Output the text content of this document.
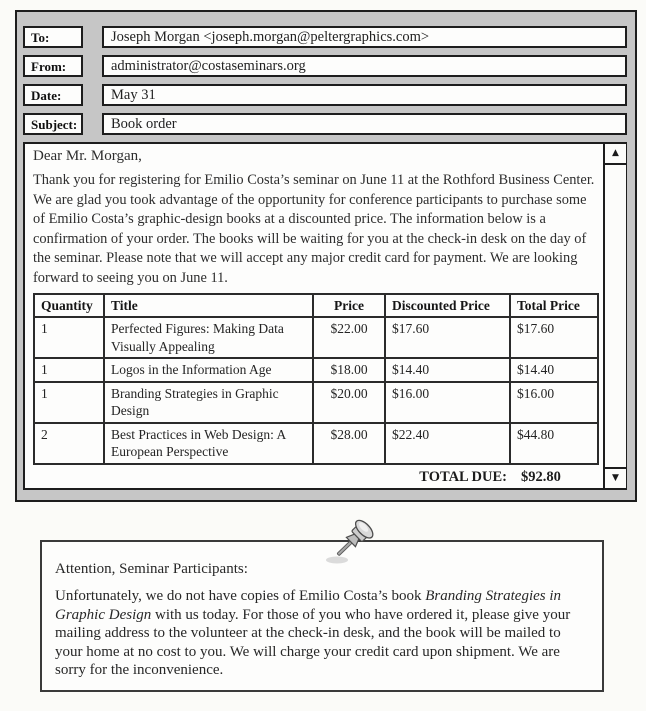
To:	Joseph Morgan <joseph.morgan@peltergraphics.com>
From:	administrator@costaseminars.org
Date:	May 31
Subject:	Book order

Dear Mr. Morgan,

Thank you for registering for Emilio Costa’s seminar on June 11 at the Rothford Business Center. We are glad you took advantage of the opportunity for conference participants to purchase some of Emilio Costa’s graphic-design books at a discounted price. The information below is a confirmation of your order. The books will be waiting for you at the check-in desk on the day of the seminar. Please note that we will accept any major credit card for payment. We are looking forward to seeing you on June 11.

Quantity	Title	Price	Discounted Price	Total Price
1	Perfected Figures: Making Data Visually Appealing	$22.00	$17.60	$17.60
1	Logos in the Information Age	$18.00	$14.40	$14.40
1	Branding Strategies in Graphic Design	$20.00	$16.00	$16.00
2	Best Practices in Web Design: A European Perspective	$28.00	$22.40	$44.80
TOTAL DUE: $92.80
▲
▼

Attention, Seminar Participants:

Unfortunately, we do not have copies of Emilio Costa’s book Branding Strategies in Graphic Design with us today. For those of you who have ordered it, please give your mailing address to the volunteer at the check-in desk, and the book will be mailed to your home at no cost to you. We will charge your credit card upon shipment. We are sorry for the inconvenience.
